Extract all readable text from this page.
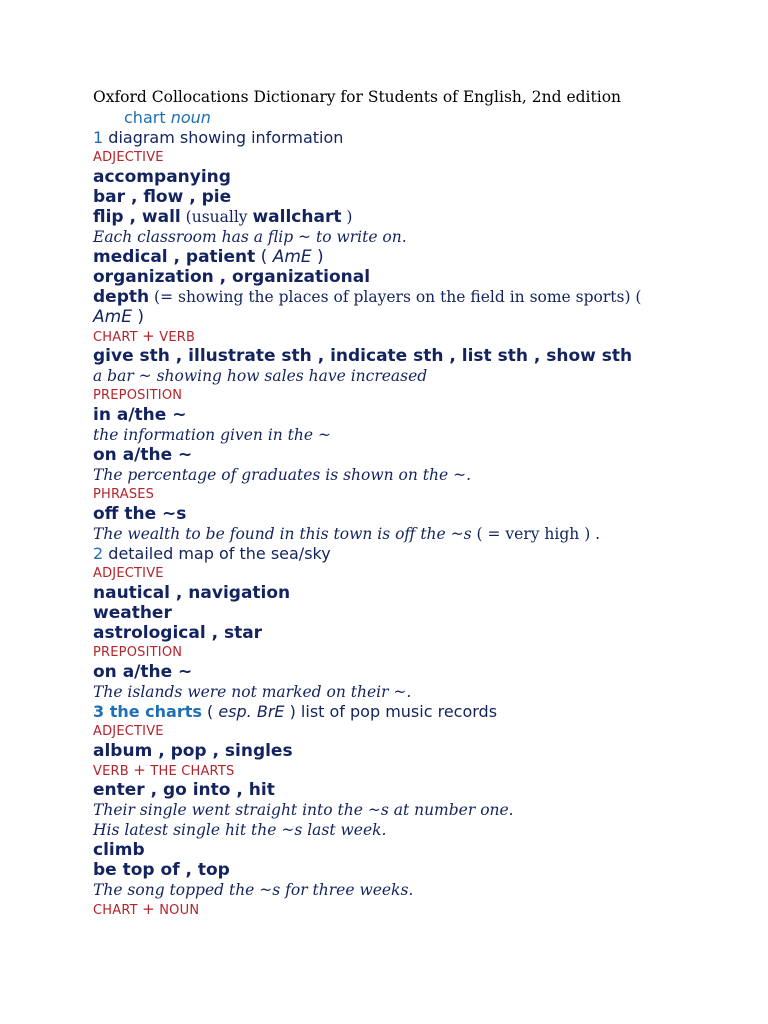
Oxford Collocations Dictionary for Students of English, 2nd edition
chart noun
1 diagram showing information
ADJECTIVE
accompanying
bar , flow , pie
flip , wall (usually wallchart )
Each classroom has a flip ~ to write on.
medical , patient ( AmE )
organization , organizational
depth (= showing the places of players on the field in some sports) (
AmE )
CHART + VERB
give sth , illustrate sth , indicate sth , list sth , show sth
a bar ~ showing how sales have increased
PREPOSITION
in a/the ~
the information given in the ~
on a/the ~
The percentage of graduates is shown on the ~.
PHRASES
off the ~s
The wealth to be found in this town is off the ~s ( = very high ) .
2 detailed map of the sea/sky
ADJECTIVE
nautical , navigation
weather
astrological , star
PREPOSITION
on a/the ~
The islands were not marked on their ~.
3 the charts ( esp. BrE ) list of pop music records
ADJECTIVE
album , pop , singles
VERB + THE CHARTS
enter , go into , hit
Their single went straight into the ~s at number one.
His latest single hit the ~s last week.
climb
be top of , top
The song topped the ~s for three weeks.
CHART + NOUN
